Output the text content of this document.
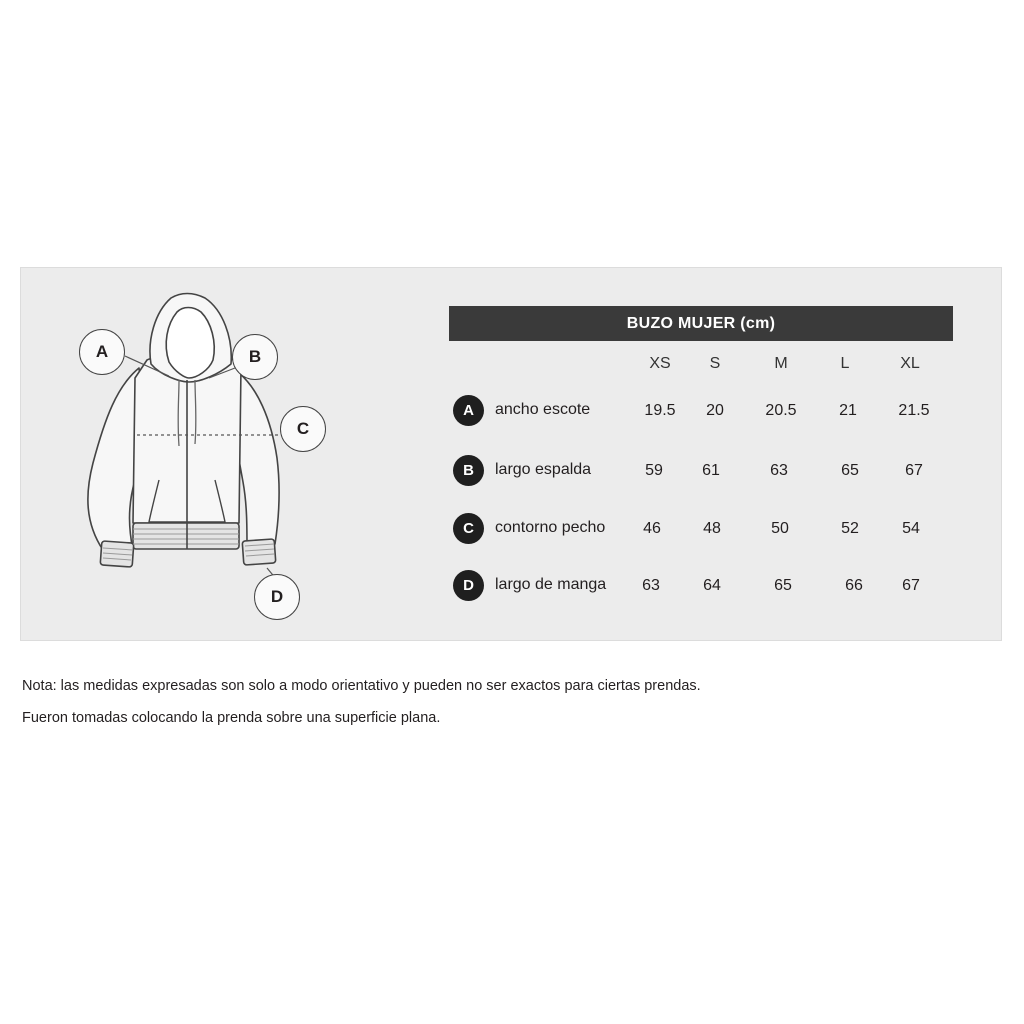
A	B
C
D
BUZO MUJER (cm)
XS S	M	L	XL
A	ancho escote	19.5 20	20.5	21	21.5
B	largo espalda	59 61	63	65	67
C	contorno pecho 46	48	50	52	54
D	largo de manga 63	64	65	66 67
Nota: las medidas expresadas son solo a modo orientativo y pueden no ser exactos para ciertas prendas.
Fueron tomadas colocando la prenda sobre una superficie plana.
